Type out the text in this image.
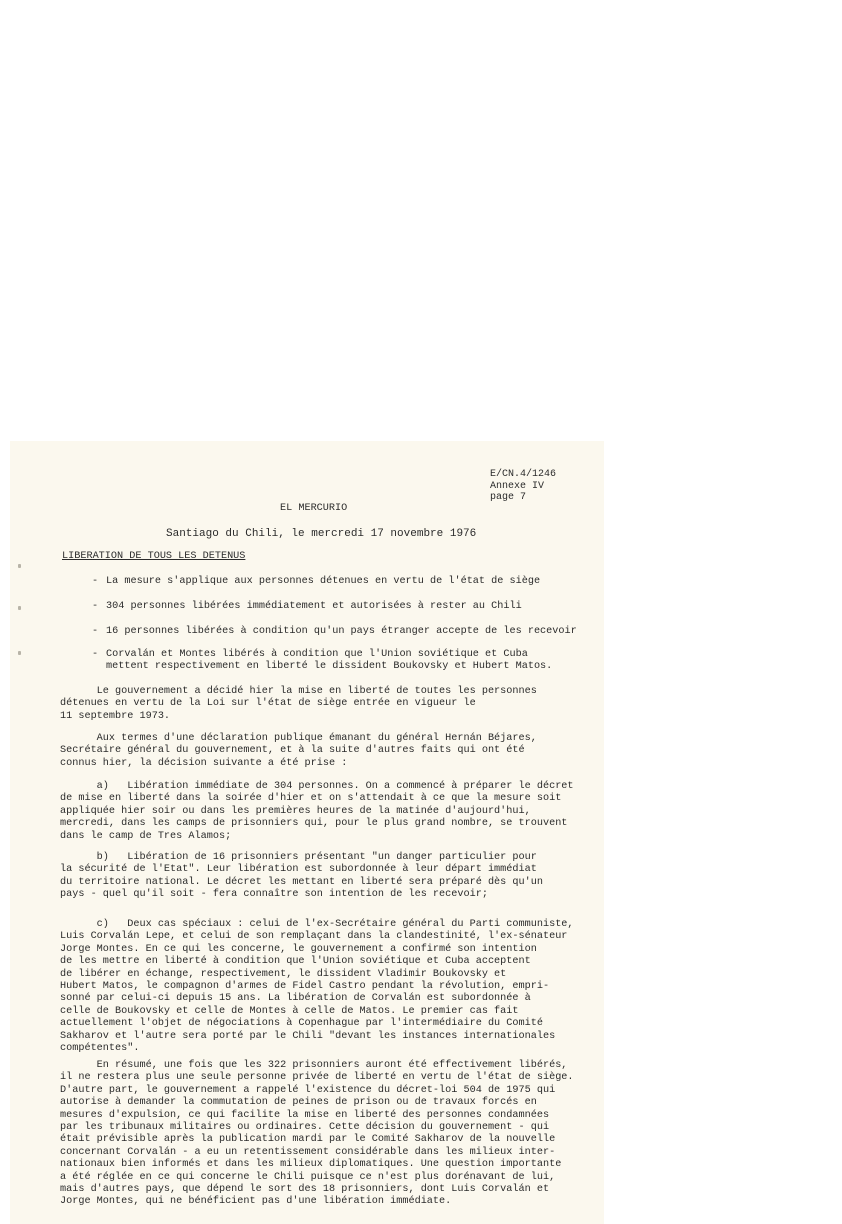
E/CN.4/1246
Annexe IV
page 7
EL MERCURIO
Santiago du Chili, le mercredi 17 novembre 1976
LIBERATION DE TOUS LES DETENUS
- La mesure s'applique aux personnes détenues en vertu de l'état de siège
- 304 personnes libérées immédiatement et autorisées à rester au Chili
- 16 personnes libérées à condition qu'un pays étranger accepte de les recevoir
- Corvalán et Montes libérés à condition que l'Union soviétique et Cuba
mettent respectivement en liberté le dissident Boukovsky et Hubert Matos.
Le gouvernement a décidé hier la mise en liberté de toutes les personnes
détenues en vertu de la Loi sur l'état de siège entrée en vigueur le
11 septembre 1973.
Aux termes d'une déclaration publique émanant du général Hernán Béjares,
Secrétaire général du gouvernement, et à la suite d'autres faits qui ont été
connus hier, la décision suivante a été prise :
a)   Libération immédiate de 304 personnes. On a commencé à préparer le décret
de mise en liberté dans la soirée d'hier et on s'attendait à ce que la mesure soit
appliquée hier soir ou dans les premières heures de la matinée d'aujourd'hui,
mercredi, dans les camps de prisonniers qui, pour le plus grand nombre, se trouvent
dans le camp de Tres Alamos;
b)   Libération de 16 prisonniers présentant "un danger particulier pour
la sécurité de l'Etat". Leur libération est subordonnée à leur départ immédiat
du territoire national. Le décret les mettant en liberté sera préparé dès qu'un
pays - quel qu'il soit - fera connaître son intention de les recevoir;
c)   Deux cas spéciaux : celui de l'ex-Secrétaire général du Parti communiste,
Luis Corvalán Lepe, et celui de son remplaçant dans la clandestinité, l'ex-sénateur
Jorge Montes. En ce qui les concerne, le gouvernement a confirmé son intention
de les mettre en liberté à condition que l'Union soviétique et Cuba acceptent
de libérer en échange, respectivement, le dissident Vladimir Boukovsky et
Hubert Matos, le compagnon d'armes de Fidel Castro pendant la révolution, empri-
sonné par celui-ci depuis 15 ans. La libération de Corvalán est subordonnée à
celle de Boukovsky et celle de Montes à celle de Matos. Le premier cas fait
actuellement l'objet de négociations à Copenhague par l'intermédiaire du Comité
Sakharov et l'autre sera porté par le Chili "devant les instances internationales
compétentes".
En résumé, une fois que les 322 prisonniers auront été effectivement libérés,
il ne restera plus une seule personne privée de liberté en vertu de l'état de siège.
D'autre part, le gouvernement a rappelé l'existence du décret-loi 504 de 1975 qui
autorise à demander la commutation de peines de prison ou de travaux forcés en
mesures d'expulsion, ce qui facilite la mise en liberté des personnes condamnées
par les tribunaux militaires ou ordinaires. Cette décision du gouvernement - qui
était prévisible après la publication mardi par le Comité Sakharov de la nouvelle
concernant Corvalán - a eu un retentissement considérable dans les milieux inter-
nationaux bien informés et dans les milieux diplomatiques. Une question importante
a été réglée en ce qui concerne le Chili puisque ce n'est plus dorénavant de lui,
mais d'autres pays, que dépend le sort des 18 prisonniers, dont Luis Corvalán et
Jorge Montes, qui ne bénéficient pas d'une libération immédiate.
